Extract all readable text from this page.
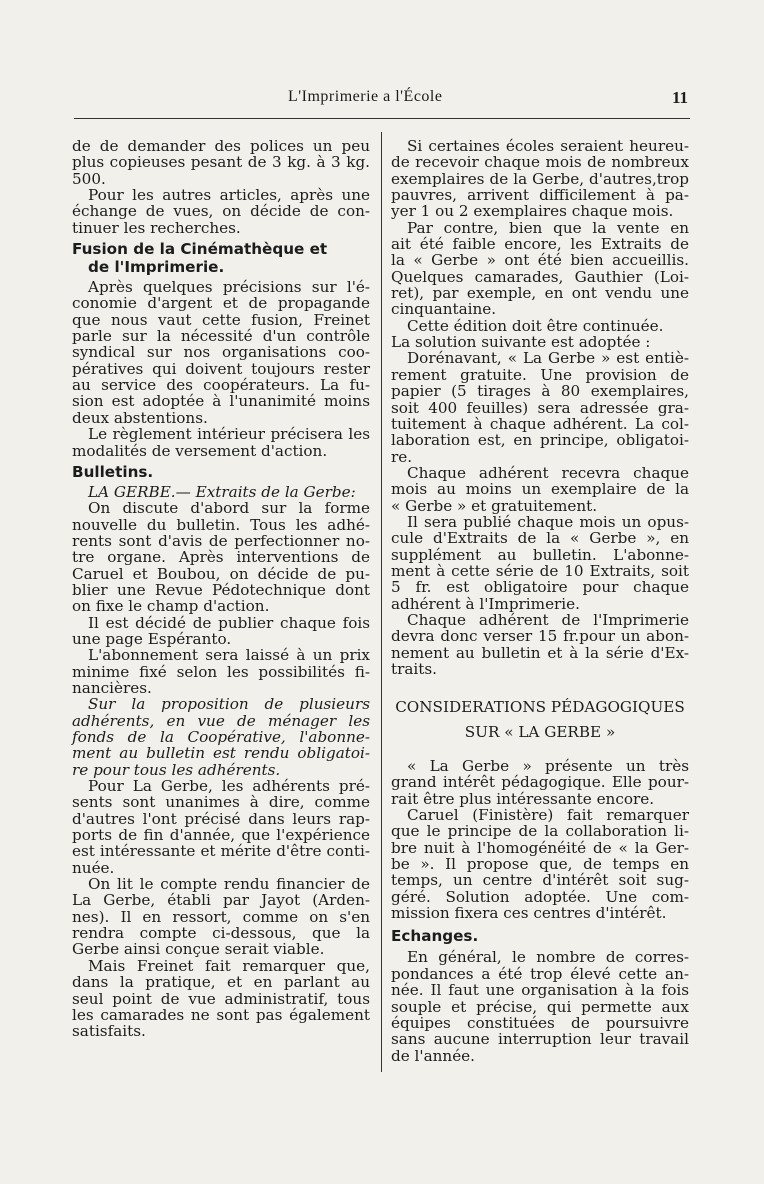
L'Imprimerie a l'École	11
de de demander des polices un peu
plus copieuses pesant de 3 kg. à 3 kg.
500.
Pour les autres articles, après une
échange de vues, on décide de con-
tinuer les recherches.
Fusion de la Cinémathèque et
de l'Imprimerie.
Après quelques précisions sur l'é-
conomie d'argent et de propagande
que nous vaut cette fusion, Freinet
parle sur la nécessité d'un contrôle
syndical sur nos organisations coo-
pératives qui doivent toujours rester
au service des coopérateurs. La fu-
sion est adoptée à l'unanimité moins
deux abstentions.
Le règlement intérieur précisera les
modalités de versement d'action.
Bulletins.
LA GERBE.— Extraits de la Gerbe:
On discute d'abord sur la forme
nouvelle du bulletin. Tous les adhé-
rents sont d'avis de perfectionner no-
tre organe. Après interventions de
Caruel et Boubou, on décide de pu-
blier une Revue Pédotechnique dont
on fixe le champ d'action.
Il est décidé de publier chaque fois
une page Espéranto.
L'abonnement sera laissé à un prix
minime fixé selon les possibilités fi-
nancières.
Sur la proposition de plusieurs
adhérents, en vue de ménager les
fonds de la Coopérative, l'abonne-
ment au bulletin est rendu obligatoi-
re pour tous les adhérents.
Pour La Gerbe, les adhérents pré-
sents sont unanimes à dire, comme
d'autres l'ont précisé dans leurs rap-
ports de fin d'année, que l'expérience
est intéressante et mérite d'être conti-
nuée.
On lit le compte rendu financier de
La Gerbe, établi par Jayot (Arden-
nes). Il en ressort, comme on s'en
rendra compte ci-dessous, que la
Gerbe ainsi conçue serait viable.
Mais Freinet fait remarquer que,
dans la pratique, et en parlant au
seul point de vue administratif, tous
les camarades ne sont pas également
satisfaits.
Si certaines écoles seraient heureu-
de recevoir chaque mois de nombreux
exemplaires de la Gerbe, d'autres,trop
pauvres, arrivent difficilement à pa-
yer 1 ou 2 exemplaires chaque mois.
Par contre, bien que la vente en
ait été faible encore, les Extraits de
la « Gerbe » ont été bien accueillis.
Quelques camarades, Gauthier (Loi-
ret), par exemple, en ont vendu une
cinquantaine.
Cette édition doit être continuée.
La solution suivante est adoptée :
Dorénavant, « La Gerbe » est entiè-
rement gratuite. Une provision de
papier (5 tirages à 80 exemplaires,
soit 400 feuilles) sera adressée gra-
tuitement à chaque adhérent. La col-
laboration est, en principe, obligatoi-
re.
Chaque adhérent recevra chaque
mois au moins un exemplaire de la
« Gerbe » et gratuitement.
Il sera publié chaque mois un opus-
cule d'Extraits de la « Gerbe », en
supplément au bulletin. L'abonne-
ment à cette série de 10 Extraits, soit
5 fr. est obligatoire pour chaque
adhérent à l'Imprimerie.
Chaque adhérent de l'Imprimerie
devra donc verser 15 fr.pour un abon-
nement au bulletin et à la série d'Ex-
traits.
CONSIDERATIONS PÉDAGOGIQUES
SUR « LA GERBE »
« La Gerbe » présente un très
grand intérêt pédagogique. Elle pour-
rait être plus intéressante encore.
Caruel (Finistère) fait remarquer
que le principe de la collaboration li-
bre nuit à l'homogénéité de « la Ger-
be ». Il propose que, de temps en
temps, un centre d'intérêt soit sug-
géré. Solution adoptée. Une com-
mission fixera ces centres d'intérêt.
Echanges.
En général, le nombre de corres-
pondances a été trop élevé cette an-
née. Il faut une organisation à la fois
souple et précise, qui permette aux
équipes constituées de poursuivre
sans aucune interruption leur travail
de l'année.
